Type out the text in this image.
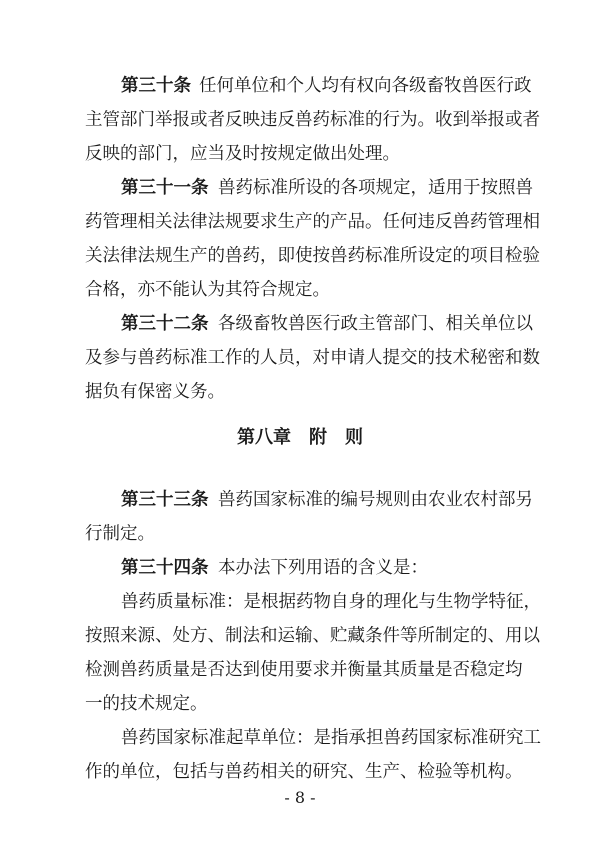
第三十条 任何单位和个人均有权向各级畜牧兽医行政
主管部门举报或者反映违反兽药标准的行为。收到举报或者
反映的部门，应当及时按规定做出处理。
第三十一条 兽药标准所设的各项规定，适用于按照兽
药管理相关法律法规要求生产的产品。任何违反兽药管理相
关法律法规生产的兽药，即使按兽药标准所设定的项目检验
合格，亦不能认为其符合规定。
第三十二条 各级畜牧兽医行政主管部门、相关单位以
及参与兽药标准工作的人员，对申请人提交的技术秘密和数
据负有保密义务。
第八章　附　则
第三十三条 兽药国家标准的编号规则由农业农村部另
行制定。
第三十四条 本办法下列用语的含义是：
兽药质量标准：是根据药物自身的理化与生物学特征，
按照来源、处方、制法和运输、贮藏条件等所制定的、用以
检测兽药质量是否达到使用要求并衡量其质量是否稳定均
一的技术规定。
兽药国家标准起草单位：是指承担兽药国家标准研究工
作的单位，包括与兽药相关的研究、生产、检验等机构。
- 8 -
